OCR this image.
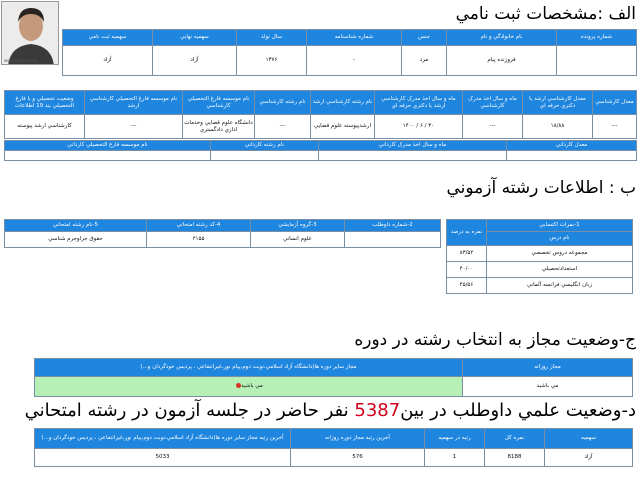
www.sanjesh.org
الف :مشخصات ثبت نامي
شماره پرونده	نام خانوادگي و نام	جنس	شماره شناسنامه	سال تولد	سهميه نهايي	سهميه ثبت نامي
	فروزنده پيام	مرد	-	۱۳۷۶	آزاد	آزاد
معدل کارشناسي	معدل کارشناسي ارشد يا دکتري حرفه اي	ماه و سال اخذ مدرک کارشناسي	ماه و سال اخذ مدرک کارشناسي ارشد يا دکتري حرفه اي	نام رشته کارشناسي ارشد	نام رشته کارشناسي	نام موسسه فارغ التحصيلي کارشناسي	نام موسسه فارغ التحصيلي کارشناسي ارشد	وضعيت تحصيلي و يا فارغ التحصيلي بند 19 اطلاعات
---	۱۸/۸۸	---	۳۰ / ۶ / ۱۴۰۰	ارشدپيوسته علوم قضايي	---	دانشگاه علوم قضايي وخدمات اداري دادگستري	---	کارشناسي ارشد پيوسته
معدل کارداني	ماه و سال اخذ مدرک کارداني	نام رشته کارداني	نام موسسه فارغ التحصيلي کارداني

ب : اطلاعات رشته آزموني
1-نمرات اکتسابي	نمره به درصد
نام درس	
مجموعه دروس تخصصي	۸۳/۵۲
استعدادتحصيلي	۴۰/۰۰
زبان انگليسي فرانسه آلماني	۴۵/۵۶
2-شماره داوطلب	3-گروه آزمايشي	4-کد رشته امتحاني	5-نام رشته امتحاني
	علوم انساني	۲۱۵۵	حقوق جزاوجرم شناسي
ج-وضعيت مجاز به انتخاب رشته در دوره
مجاز روزانه	مجاز ساير دوره ها(دانشگاه آزاد اسلامي،نوبت دوم،پيام نور،غيرانتفاعي ، پرديس خودگردان و...)
مي باشيد	مي باشيد
د-وضعيت علمي داوطلب در بين5387 نفر حاضر در جلسه آزمون در رشته امتحاني
سهميه	نمره کل	رتبه در سهميه	آخرين رتبه مجاز دوره روزانه	آخرين رتبه مجاز ساير دوره ها(دانشگاه آزاد اسلامي،نوبت دوم،پيام نور،غيرانتفاعي ، پرديس خودگردان و...)
آزاد	8188	1	576	5033
